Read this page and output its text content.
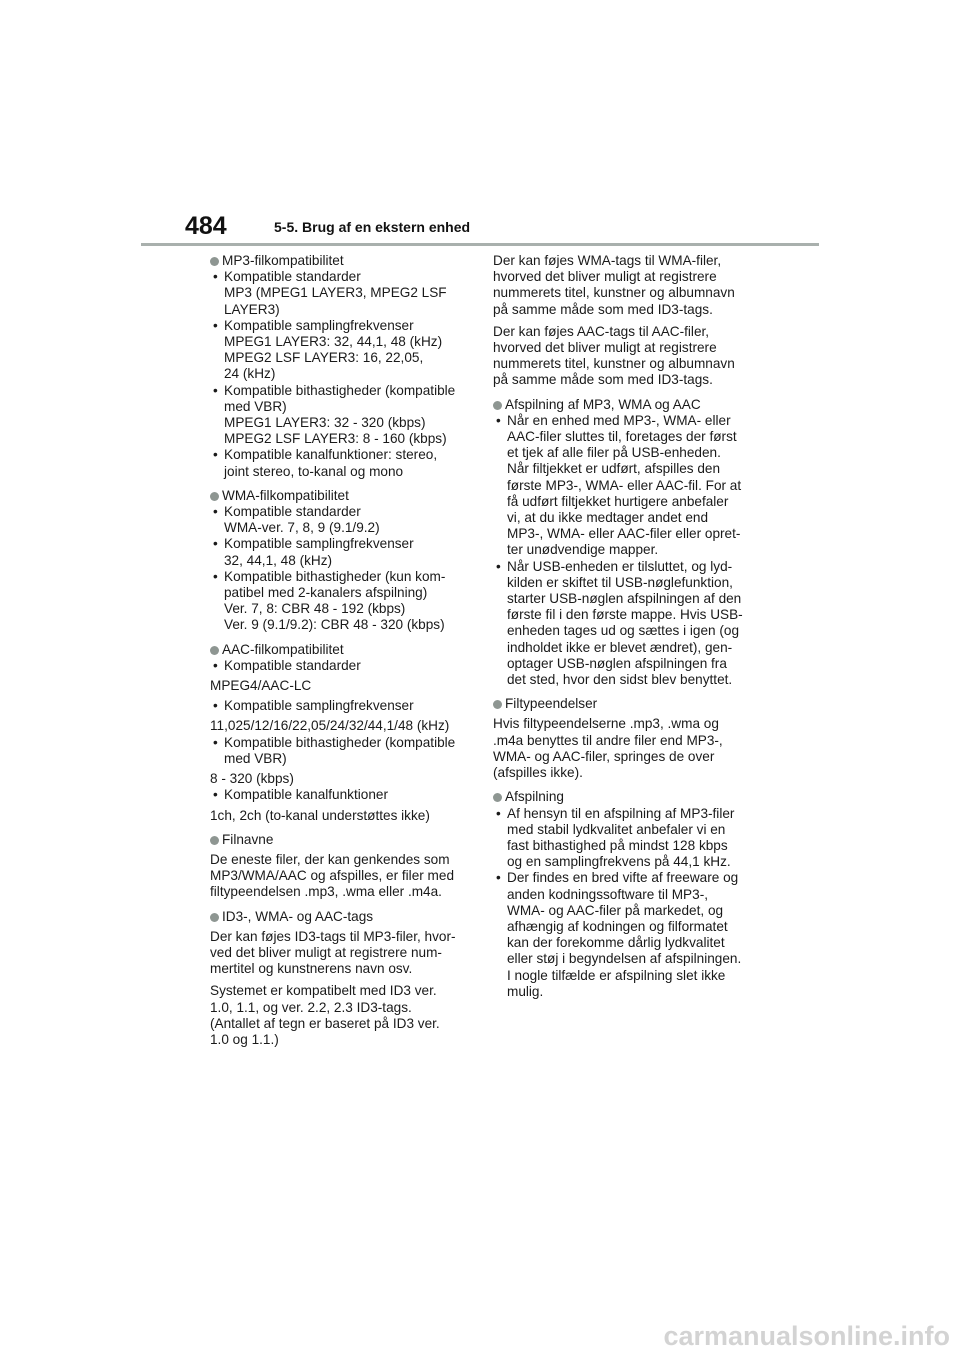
484	5-5. Brug af en ekstern enhed

MP3-filkompatibilitet

• Kompatible standarder
MP3 (MPEG1 LAYER3, MPEG2 LSF
LAYER3)

• Kompatible samplingfrekvenser
MPEG1 LAYER3: 32, 44,1, 48 (kHz)
MPEG2 LSF LAYER3: 16, 22,05,
24 (kHz)

• Kompatible bithastigheder (kompatible
med VBR)
MPEG1 LAYER3: 32 - 320 (kbps)
MPEG2 LSF LAYER3: 8 - 160 (kbps)

• Kompatible kanalfunktioner: stereo,
joint stereo, to-kanal og mono

WMA-filkompatibilitet

• Kompatible standarder
WMA-ver. 7, 8, 9 (9.1/9.2)

• Kompatible samplingfrekvenser
32, 44,1, 48 (kHz)

• Kompatible bithastigheder (kun kom-
patibel med 2-kanalers afspilning)
Ver. 7, 8: CBR 48 - 192 (kbps)
Ver. 9 (9.1/9.2): CBR 48 - 320 (kbps)

AAC-filkompatibilitet

• Kompatible standarder

MPEG4/AAC-LC

• Kompatible samplingfrekvenser

11,025/12/16/22,05/24/32/44,1/48 (kHz)

• Kompatible bithastigheder (kompatible
med VBR)

8 - 320 (kbps)

• Kompatible kanalfunktioner

1ch, 2ch (to-kanal understøttes ikke)

Filnavne

De eneste filer, der kan genkendes som
MP3/WMA/AAC og afspilles, er filer med
filtypeendelsen .mp3, .wma eller .m4a.

ID3-, WMA- og AAC-tags

Der kan føjes ID3-tags til MP3-filer, hvor-
ved det bliver muligt at registrere num-
mertitel og kunstnerens navn osv.

Systemet er kompatibelt med ID3 ver.
1.0, 1.1, og ver. 2.2, 2.3 ID3-tags.
(Antallet af tegn er baseret på ID3 ver.
1.0 og 1.1.)

Der kan føjes WMA-tags til WMA-filer,
hvorved det bliver muligt at registrere
nummerets titel, kunstner og albumnavn
på samme måde som med ID3-tags.

Der kan føjes AAC-tags til AAC-filer,
hvorved det bliver muligt at registrere
nummerets titel, kunstner og albumnavn
på samme måde som med ID3-tags.

Afspilning af MP3, WMA og AAC

• Når en enhed med MP3-, WMA- eller
AAC-filer sluttes til, foretages der først
et tjek af alle filer på USB-enheden.
Når filtjekket er udført, afspilles den
første MP3-, WMA- eller AAC-fil. For at
få udført filtjekket hurtigere anbefaler
vi, at du ikke medtager andet end
MP3-, WMA- eller AAC-filer eller opret-
ter unødvendige mapper.

• Når USB-enheden er tilsluttet, og lyd-
kilden er skiftet til USB-nøglefunktion,
starter USB-nøglen afspilningen af den
første fil i den første mappe. Hvis USB-
enheden tages ud og sættes i igen (og
indholdet ikke er blevet ændret), gen-
optager USB-nøglen afspilningen fra
det sted, hvor den sidst blev benyttet.

Filtypeendelser

Hvis filtypeendelserne .mp3, .wma og
.m4a benyttes til andre filer end MP3-,
WMA- og AAC-filer, springes de over
(afspilles ikke).

Afspilning

• Af hensyn til en afspilning af MP3-filer
med stabil lydkvalitet anbefaler vi en
fast bithastighed på mindst 128 kbps
og en samplingfrekvens på 44,1 kHz.

• Der findes en bred vifte af freeware og
anden kodningssoftware til MP3-,
WMA- og AAC-filer på markedet, og
afhængig af kodningen og filformatet
kan der forekomme dårlig lydkvalitet
eller støj i begyndelsen af afspilningen.
I nogle tilfælde er afspilning slet ikke
mulig.

carmanualsonline.info
